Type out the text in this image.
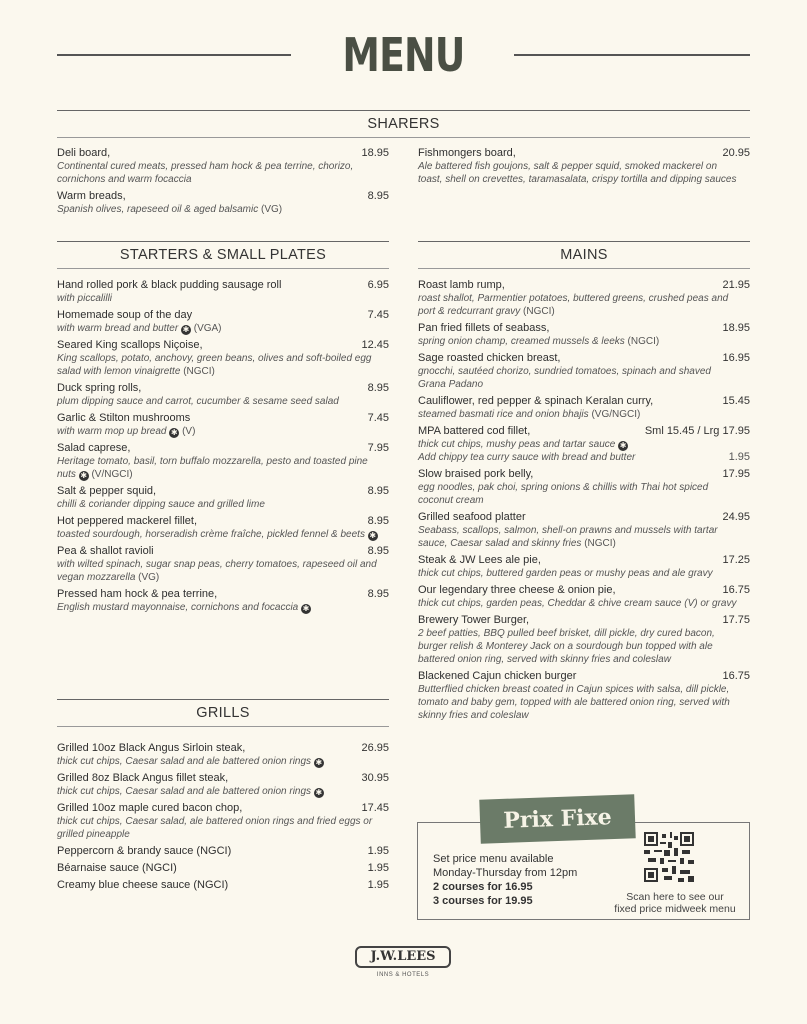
MENU
SHARERS
Deli board,	18.95
Continental cured meats, pressed ham hock & pea terrine, chorizo, cornichons and warm focaccia
Warm breads,	8.95
Spanish olives, rapeseed oil & aged balsamic (VG)
Fishmongers board,	20.95
Ale battered fish goujons, salt & pepper squid, smoked mackerel on toast, shell on crevettes, taramasalata, crispy tortilla and dipping sauces
STARTERS & SMALL PLATES
Hand rolled pork & black pudding sausage roll	6.95
with piccalilli
Homemade soup of the day	7.45
with warm bread and butter ✱ (VGA)
Seared King scallops Niçoise,	12.45
King scallops, potato, anchovy, green beans, olives and soft-boiled egg salad with lemon vinaigrette (NGCI)
Duck spring rolls,	8.95
plum dipping sauce and carrot, cucumber & sesame seed salad
Garlic & Stilton mushrooms	7.45
with warm mop up bread ✱ (V)
Salad caprese,	7.95
Heritage tomato, basil, torn buffalo mozzarella, pesto and toasted pine nuts ✱ (V/NGCI)
Salt & pepper squid,	8.95
chilli & coriander dipping sauce and grilled lime
Hot peppered mackerel fillet,	8.95
toasted sourdough, horseradish crème fraîche, pickled fennel & beets ✱
Pea & shallot ravioli	8.95
with wilted spinach, sugar snap peas, cherry tomatoes, rapeseed oil and vegan mozzarella (VG)
Pressed ham hock & pea terrine,	8.95
English mustard mayonnaise, cornichons and focaccia ✱
GRILLS
Grilled 10oz Black Angus Sirloin steak,	26.95
thick cut chips, Caesar salad and ale battered onion rings ✱
Grilled 8oz Black Angus fillet steak,	30.95
thick cut chips, Caesar salad and ale battered onion rings ✱
Grilled 10oz maple cured bacon chop,	17.45
thick cut chips, Caesar salad, ale battered onion rings and fried eggs or grilled pineapple
Peppercorn & brandy sauce (NGCI)	1.95
Béarnaise sauce (NGCI)	1.95
Creamy blue cheese sauce (NGCI)	1.95
MAINS
Roast lamb rump,	21.95
roast shallot, Parmentier potatoes, buttered greens, crushed peas and port & redcurrant gravy (NGCI)
Pan fried fillets of seabass,	18.95
spring onion champ, creamed mussels & leeks (NGCI)
Sage roasted chicken breast,	16.95
gnocchi, sautéed chorizo, sundried tomatoes, spinach and shaved Grana Padano
Cauliflower, red pepper & spinach Keralan curry,	15.45
steamed basmati rice and onion bhajis (VG/NGCI)
MPA battered cod fillet,	Sml 15.45 / Lrg 17.95
thick cut chips, mushy peas and tartar sauce ✱
Add chippy tea curry sauce with bread and butter	1.95
Slow braised pork belly,	17.95
egg noodles, pak choi, spring onions & chillis with Thai hot spiced coconut cream
Grilled seafood platter	24.95
Seabass, scallops, salmon, shell-on prawns and mussels with tartar sauce, Caesar salad and skinny fries (NGCI)
Steak & JW Lees ale pie,	17.25
thick cut chips, buttered garden peas or mushy peas and ale gravy
Our legendary three cheese & onion pie,	16.75
thick cut chips, garden peas, Cheddar & chive cream sauce (V) or gravy
Brewery Tower Burger,	17.75
2 beef patties, BBQ pulled beef brisket, dill pickle, dry cured bacon, burger relish & Monterey Jack on a sourdough bun topped with ale battered onion ring, served with skinny fries and coleslaw
Blackened Cajun chicken burger	16.75
Butterflied chicken breast coated in Cajun spices with salsa, dill pickle, tomato and baby gem, topped with ale battered onion ring, served with skinny fries and coleslaw
Prix Fixe
Set price menu available
Monday-Thursday from 12pm
2 courses for 16.95
3 courses for 19.95	Scan here to see our
fixed price midweek menu
J.W.LEES
INNS & HOTELS
